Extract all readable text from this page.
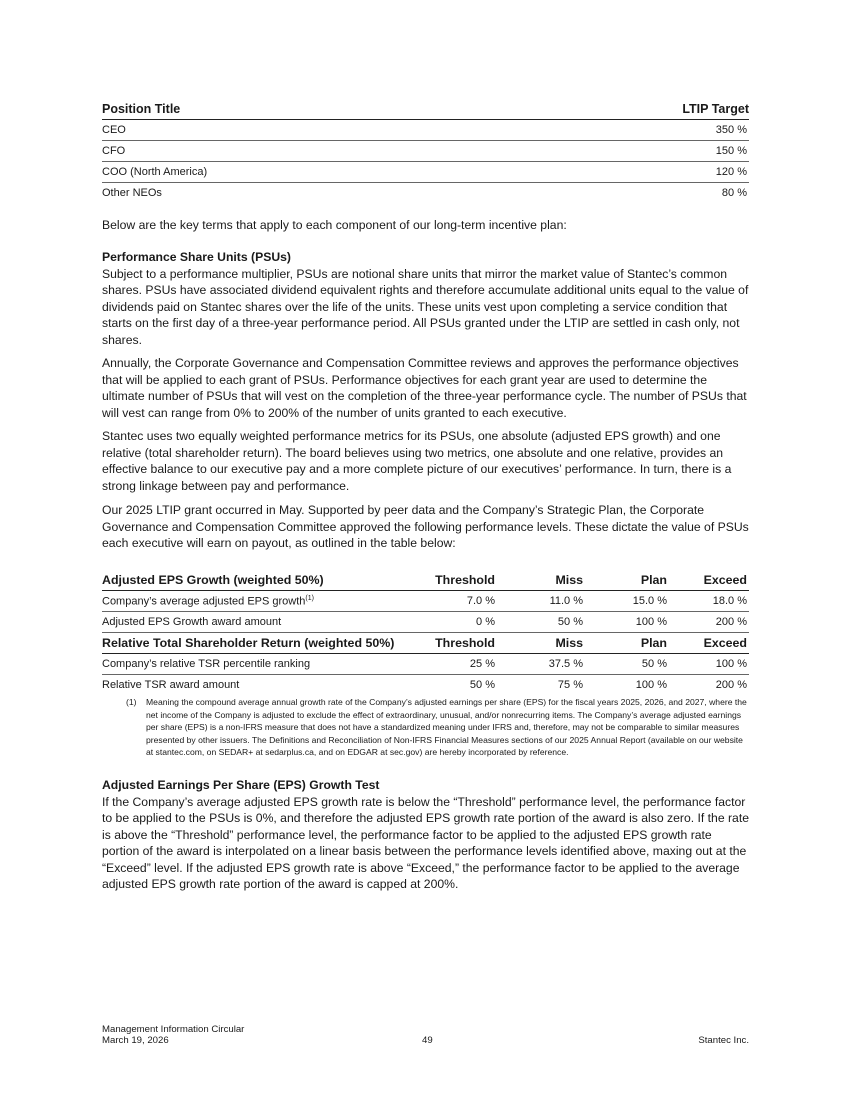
Position Title	LTIP Target
CEO	350 %
CFO	150 %
COO (North America)	120 %
Other NEOs	80 %

Below are the key terms that apply to each component of our long-term incentive plan:

Performance Share Units (PSUs)
Subject to a performance multiplier, PSUs are notional share units that mirror the market value of Stantec’s common shares. PSUs have associated dividend equivalent rights and therefore accumulate additional units equal to the value of dividends paid on Stantec shares over the life of the units. These units vest upon completing a service condition that starts on the first day of a three-year performance period. All PSUs granted under the LTIP are settled in cash only, not shares.

Annually, the Corporate Governance and Compensation Committee reviews and approves the performance objectives that will be applied to each grant of PSUs. Performance objectives for each grant year are used to determine the ultimate number of PSUs that will vest on the completion of the three-year performance cycle. The number of PSUs that will vest can range from 0% to 200% of the number of units granted to each executive.

Stantec uses two equally weighted performance metrics for its PSUs, one absolute (adjusted EPS growth) and one relative (total shareholder return). The board believes using two metrics, one absolute and one relative, provides an effective balance to our executive pay and a more complete picture of our executives’ performance. In turn, there is a strong linkage between pay and performance.

Our 2025 LTIP grant occurred in May. Supported by peer data and the Company’s Strategic Plan, the Corporate Governance and Compensation Committee approved the following performance levels. These dictate the value of PSUs each executive will earn on payout, as outlined in the table below:

Adjusted EPS Growth (weighted 50%)	Threshold	Miss	Plan	Exceed
Company’s average adjusted EPS growth$^{(1)}$	7.0 %	11.0 %	15.0 %	18.0 %
Adjusted EPS Growth award amount	0 %	50 %	100 %	200 %
Relative Total Shareholder Return (weighted 50%)	Threshold	Miss	Plan	Exceed
Company’s relative TSR percentile ranking	25 %	37.5 %	50 %	100 %
Relative TSR award amount	50 %	75 %	100 %	200 %
(1)	Meaning the compound average annual growth rate of the Company’s adjusted earnings per share (EPS) for the fiscal years 2025, 2026, and 2027, where the net income of the Company is adjusted to exclude the effect of extraordinary, unusual, and/or nonrecurring items. The Company’s average adjusted earnings per share (EPS) is a non-IFRS measure that does not have a standardized meaning under IFRS and, therefore, may not be comparable to similar measures presented by other issuers. The Definitions and Reconciliation of Non-IFRS Financial Measures sections of our 2025 Annual Report (available on our website at stantec.com, on SEDAR+ at sedarplus.ca, and on EDGAR at sec.gov) are hereby incorporated by reference.
Adjusted Earnings Per Share (EPS) Growth Test
If the Company’s average adjusted EPS growth rate is below the “Threshold” performance level, the performance factor to be applied to the PSUs is 0%, and therefore the adjusted EPS growth rate portion of the award is also zero. If the rate is above the “Threshold” performance level, the performance factor to be applied to the adjusted EPS growth rate portion of the award is interpolated on a linear basis between the performance levels identified above, maxing out at the “Exceed” level. If the adjusted EPS growth rate is above “Exceed,” the performance factor to be applied to the average adjusted EPS growth rate portion of the award is capped at 200%.
Management Information Circular
March 19, 2026	49	Stantec Inc.
